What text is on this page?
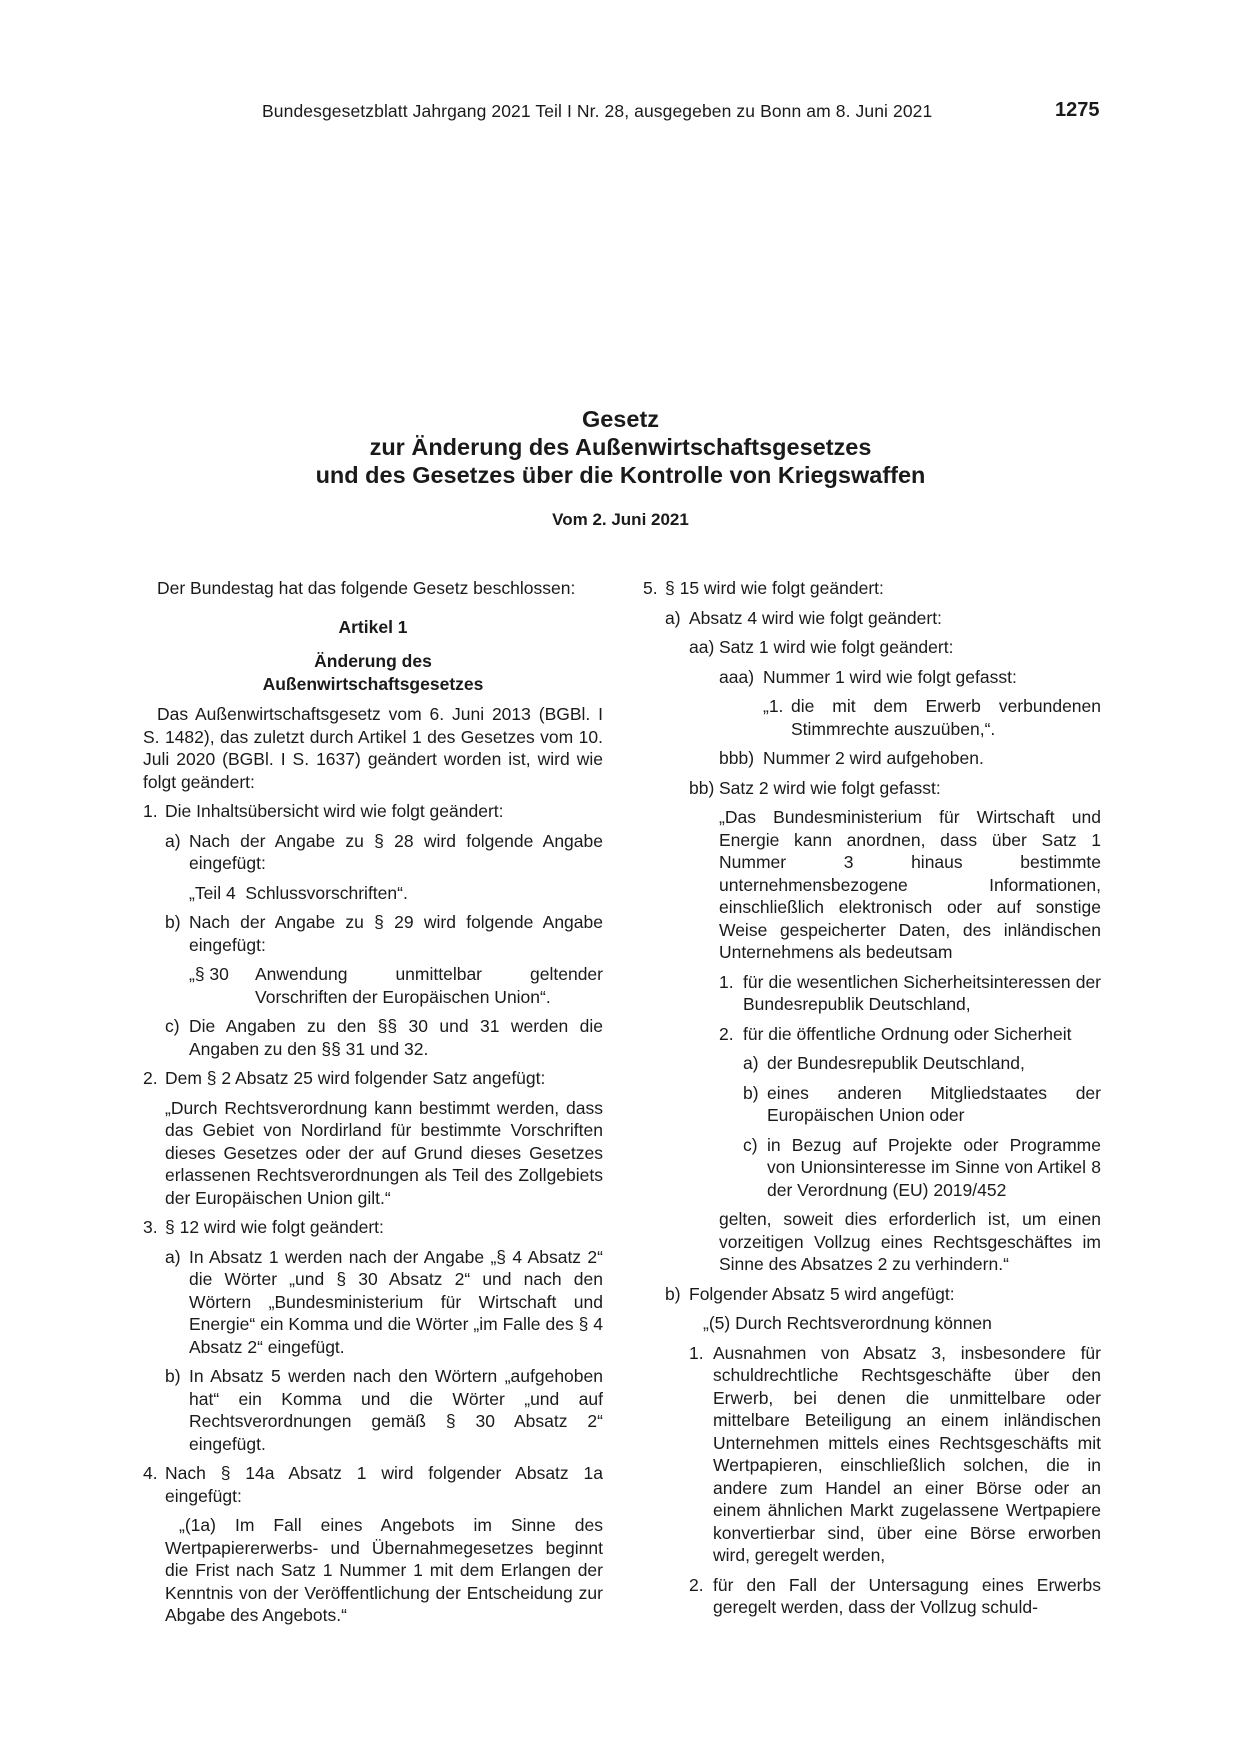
Bundesgesetzblatt Jahrgang 2021 Teil I Nr. 28, ausgegeben zu Bonn am 8. Juni 2021	1275
Gesetz
zur Änderung des Außenwirtschaftsgesetzes
und des Gesetzes über die Kontrolle von Kriegswaffen
Vom 2. Juni 2021
Der Bundestag hat das folgende Gesetz beschlossen:
Artikel 1
Änderung des
Außenwirtschaftsgesetzes
Das Außenwirtschaftsgesetz vom 6. Juni 2013 (BGBl. I S. 1482), das zuletzt durch Artikel 1 des Gesetzes vom 10. Juli 2020 (BGBl. I S. 1637) geändert worden ist, wird wie folgt geändert:
1. Die Inhaltsübersicht wird wie folgt geändert:
a) Nach der Angabe zu § 28 wird folgende Angabe eingefügt:
„Teil 4  Schlussvorschriften“.
b) Nach der Angabe zu § 29 wird folgende Angabe eingefügt:
„§ 30	Anwendung unmittelbar geltender Vorschriften der Europäischen Union“.
c) Die Angaben zu den §§ 30 und 31 werden die Angaben zu den §§ 31 und 32.
2. Dem § 2 Absatz 25 wird folgender Satz angefügt:
„Durch Rechtsverordnung kann bestimmt werden, dass das Gebiet von Nordirland für bestimmte Vorschriften dieses Gesetzes oder der auf Grund dieses Gesetzes erlassenen Rechtsverordnungen als Teil des Zollgebiets der Europäischen Union gilt.“
3. § 12 wird wie folgt geändert:
a) In Absatz 1 werden nach der Angabe „§ 4 Absatz 2“ die Wörter „und § 30 Absatz 2“ und nach den Wörtern „Bundesministerium für Wirtschaft und Energie“ ein Komma und die Wörter „im Falle des § 4 Absatz 2“ eingefügt.
b) In Absatz 5 werden nach den Wörtern „aufgehoben hat“ ein Komma und die Wörter „und auf Rechtsverordnungen gemäß § 30 Absatz 2“ eingefügt.
4. Nach § 14a Absatz 1 wird folgender Absatz 1a eingefügt:
„(1a) Im Fall eines Angebots im Sinne des Wertpapiererwerbs- und Übernahmegesetzes beginnt die Frist nach Satz 1 Nummer 1 mit dem Erlangen der Kenntnis von der Veröffentlichung der Entscheidung zur Abgabe des Angebots.“
5. § 15 wird wie folgt geändert:
a) Absatz 4 wird wie folgt geändert:
aa) Satz 1 wird wie folgt geändert:
aaa) Nummer 1 wird wie folgt gefasst:
„1. die mit dem Erwerb verbundenen Stimmrechte auszuüben,“.
bbb) Nummer 2 wird aufgehoben.
bb) Satz 2 wird wie folgt gefasst:
„Das Bundesministerium für Wirtschaft und Energie kann anordnen, dass über Satz 1 Nummer 3 hinaus bestimmte unternehmensbezogene Informationen, einschließlich elektronisch oder auf sonstige Weise gespeicherter Daten, des inländischen Unternehmens als bedeutsam
1. für die wesentlichen Sicherheitsinteressen der Bundesrepublik Deutschland,
2. für die öffentliche Ordnung oder Sicherheit
a) der Bundesrepublik Deutschland,
b) eines anderen Mitgliedstaates der Europäischen Union oder
c) in Bezug auf Projekte oder Programme von Unionsinteresse im Sinne von Artikel 8 der Verordnung (EU) 2019/452
gelten, soweit dies erforderlich ist, um einen vorzeitigen Vollzug eines Rechtsgeschäftes im Sinne des Absatzes 2 zu verhindern.“
b) Folgender Absatz 5 wird angefügt:
„(5) Durch Rechtsverordnung können
1. Ausnahmen von Absatz 3, insbesondere für schuldrechtliche Rechtsgeschäfte über den Erwerb, bei denen die unmittelbare oder mittelbare Beteiligung an einem inländischen Unternehmen mittels eines Rechtsgeschäfts mit Wertpapieren, einschließlich solchen, die in andere zum Handel an einer Börse oder an einem ähnlichen Markt zugelassene Wertpapiere konvertierbar sind, über eine Börse erworben wird, geregelt werden,
2. für den Fall der Untersagung eines Erwerbs geregelt werden, dass der Vollzug schuld-
